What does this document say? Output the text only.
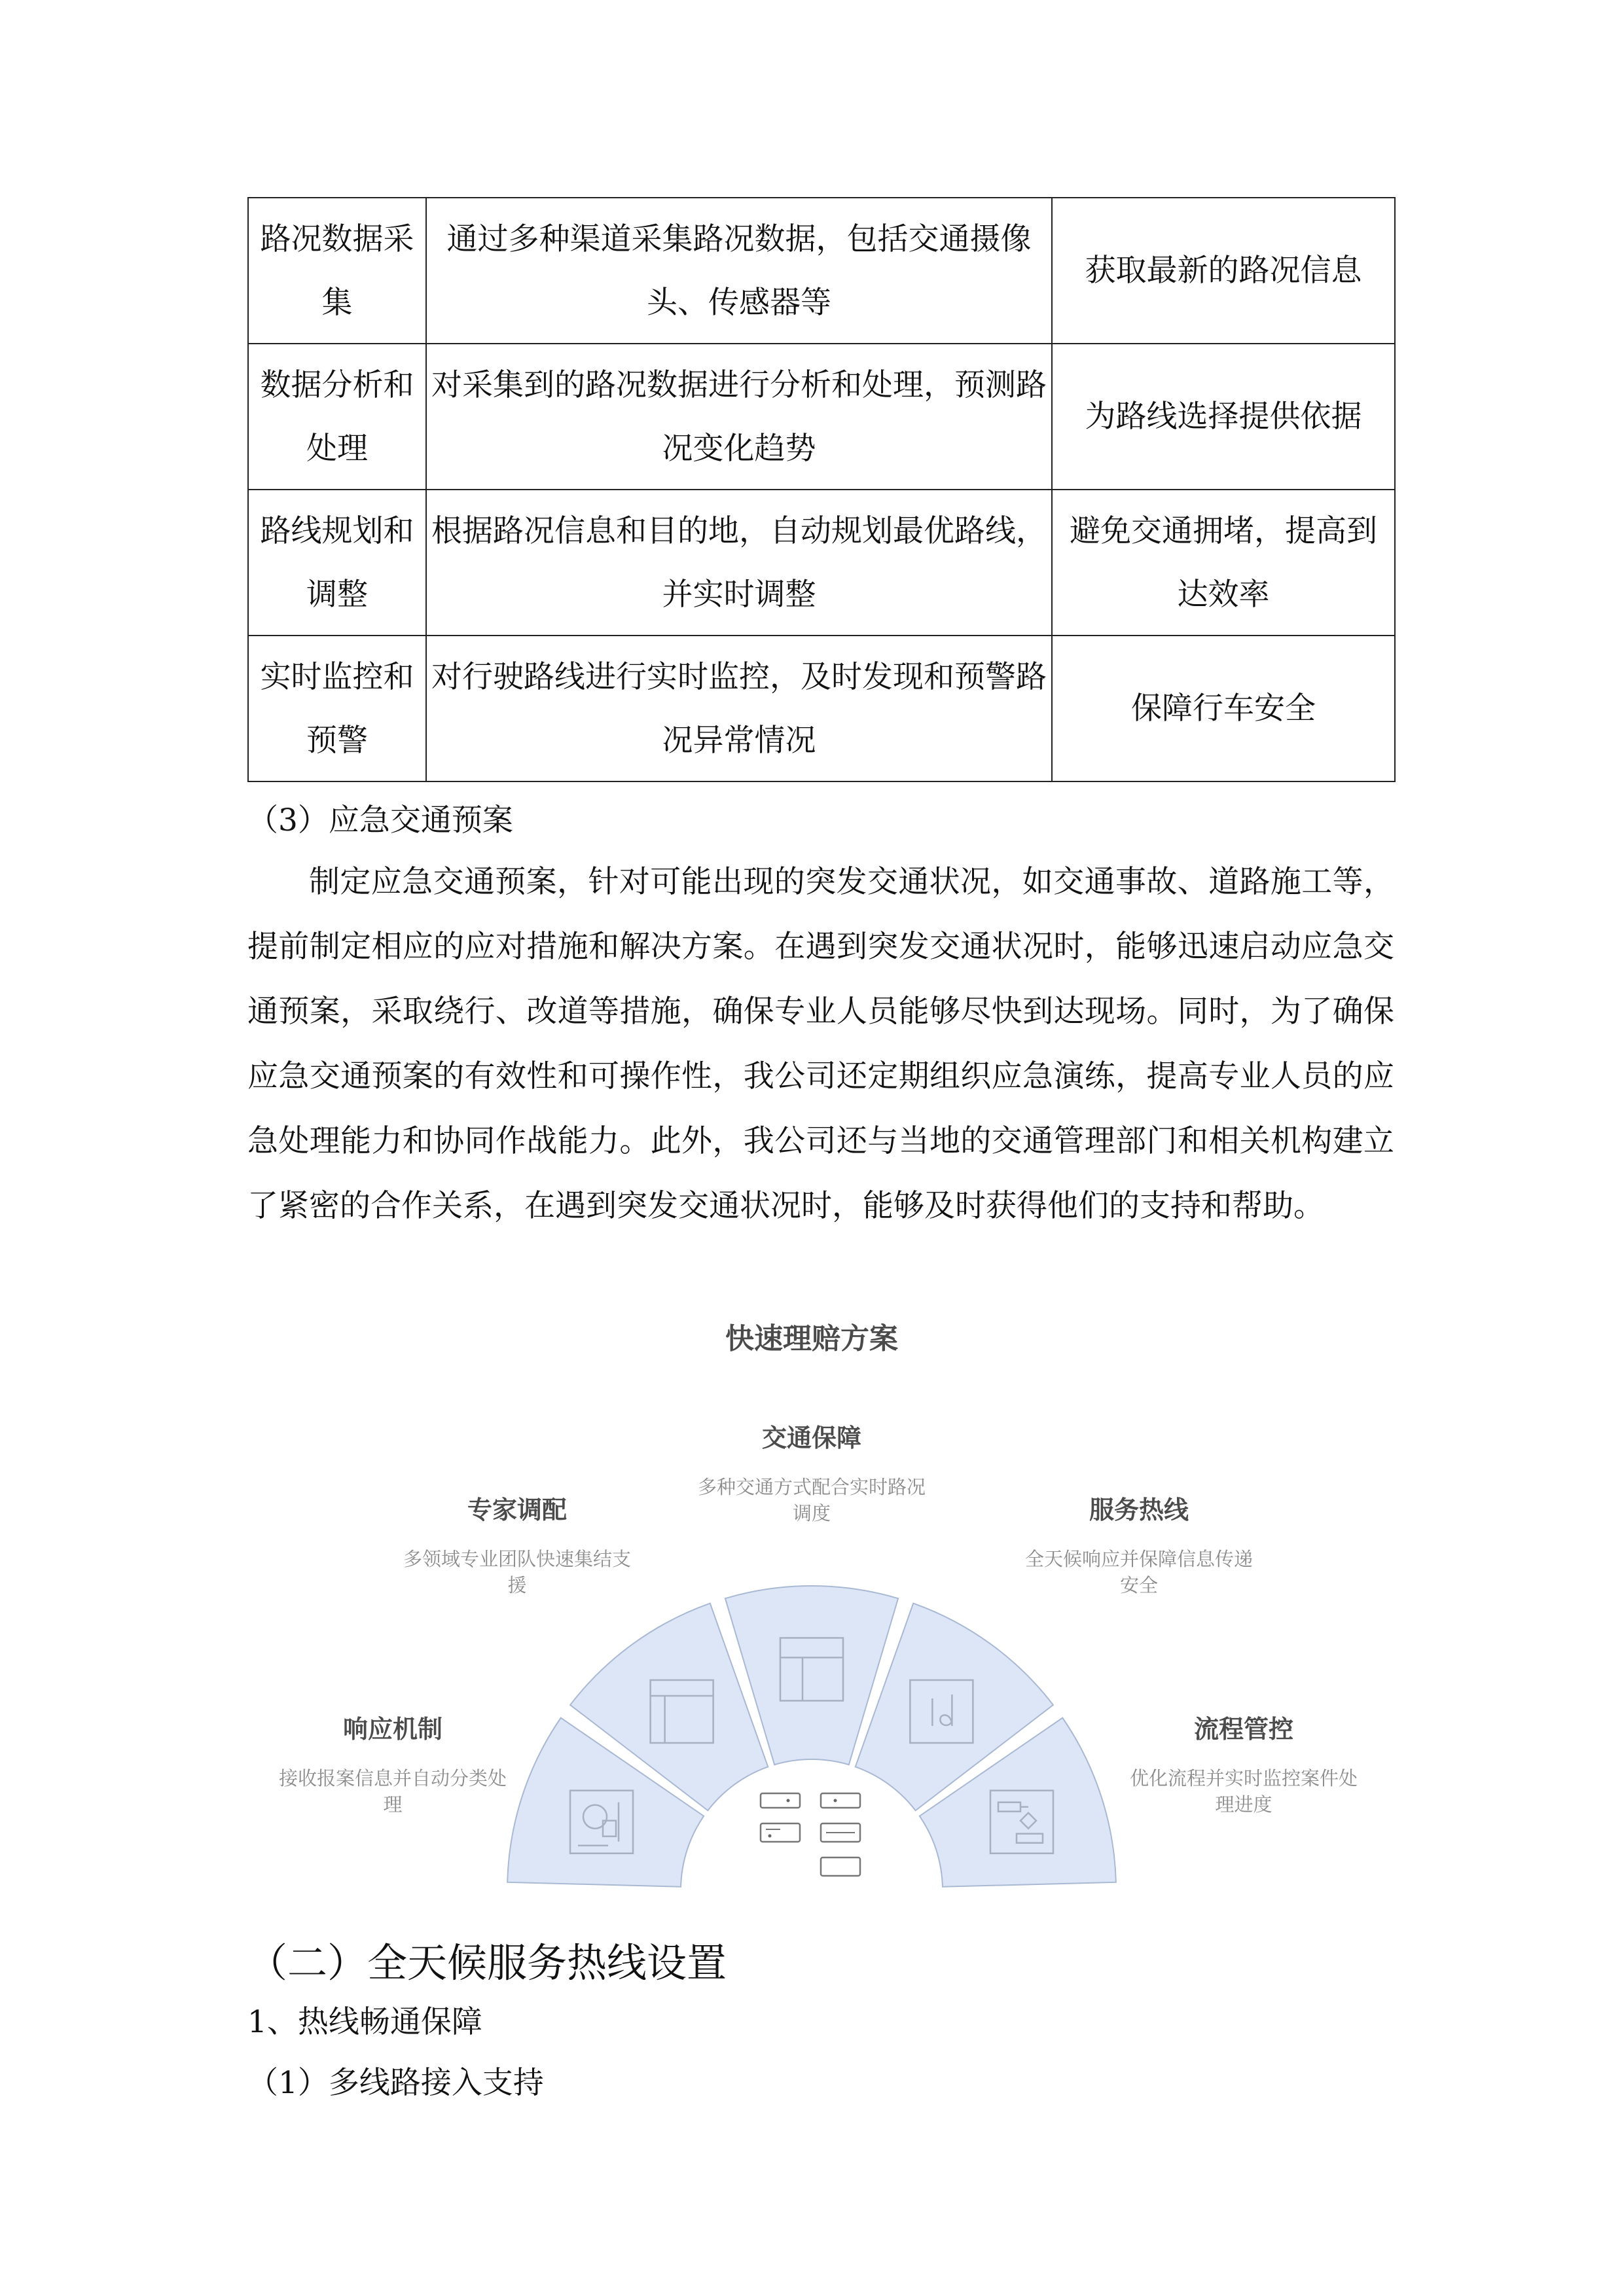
路况数据采集	通过多种渠道采集路况数据，包括交通摄像头、传感器等	获取最新的路况信息
数据分析和处理	对采集到的路况数据进行分析和处理，预测路况变化趋势	为路线选择提供依据
路线规划和调整	根据路况信息和目的地，自动规划最优路线，并实时调整	避免交通拥堵，提高到达效率
实时监控和预警	对行驶路线进行实时监控，及时发现和预警路况异常情况	保障行车安全
（3）应急交通预案

制定应急交通预案，针对可能出现的突发交通状况，如交通事故、道路施工等，提前制定相应的应对措施和解决方案。在遇到突发交通状况时，能够迅速启动应急交通预案，采取绕行、改道等措施，确保专业人员能够尽快到达现场。同时，为了确保应急交通预案的有效性和可操作性，我公司还定期组织应急演练，提高专业人员的应急处理能力和协同作战能力。此外，我公司还与当地的交通管理部门和相关机构建立了紧密的合作关系，在遇到突发交通状况时，能够及时获得他们的支持和帮助。

快速理赔方案
响应机制
接收报案信息并自动分类处
理
专家调配
多领域专业团队快速集结支
援
交通保障
多种交通方式配合实时路况
调度	服务热线
全天候响应并保障信息传递
安全
流程管控
优化流程并实时监控案件处
理进度
（二）全天候服务热线设置
1、热线畅通保障
（1）多线路接入支持
